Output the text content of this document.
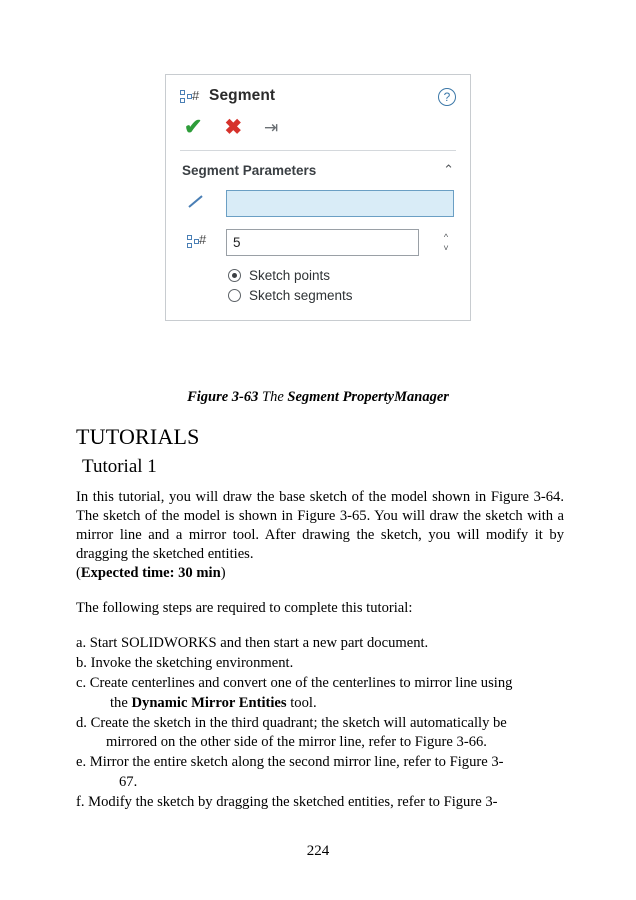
# Segment	?
✔ ✖ ⇥
Segment Parameters	⌃
#	5	^
˅
Sketch points
Sketch segments
Figure 3-63 The Segment PropertyManager
TUTORIALS
Tutorial 1

In this tutorial, you will draw the base sketch of the model shown in Figure 3-64. The sketch of the model is shown in Figure 3-65. You will draw the sketch with a mirror line and a mirror tool. After drawing the sketch, you will modify it by dragging the sketched entities.

(Expected time: 30 min)

The following steps are required to complete this tutorial:

a. Start SOLIDWORKS and then start a new part document.
b. Invoke the sketching environment.
c. Create centerlines and convert one of the centerlines to mirror line using
the Dynamic Mirror Entities tool.
d. Create the sketch in the third quadrant; the sketch will automatically be
mirrored on the other side of the mirror line, refer to Figure 3-66.
e. Mirror the entire sketch along the second mirror line, refer to Figure 3-
67.
f. Modify the sketch by dragging the sketched entities, refer to Figure 3-
224
